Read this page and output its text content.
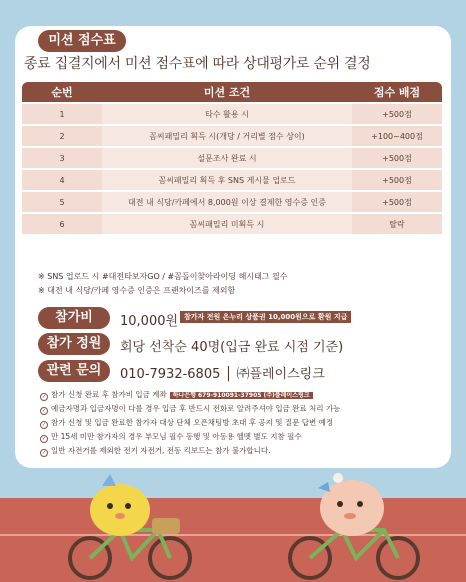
미션 점수표
종료 집결지에서 미션 점수표에 따라 상대평가로 순위 결정
순번	미션 조건	점수 배점
1	타수 활용 시	+500점
2	꼼씨패밀리 획득 시(개당 / 거리별 점수 상이)	+100~400점
3	설문조사 완료 시	+500점
4	꼼씨패밀리 획득 후 SNS 게시물 업로드	+500점
5	대전 내 식당/카페에서 8,000원 이상 결제한 영수증 인증	+500점
6	꼼씨패밀리 미획득 시	탈락
※ SNS 업로드 시 #대전타보자GO / #꼼돌이찾아라이딩 해시태그 필수
※ 대전 내 식당/카페 영수증 인증은 프랜차이즈를 제외함
참가비	10,000원 참가자 전원 온누리 상품권 10,000원으로 환원 지급
참가 정원	회당 선착순 40명(입금 완료 시점 기준)
관련 문의	010-7932-6805 │ ㈜플레이스링크
✓ 참가 신청 완료 후 참가비 입금 계좌 하나은행 679-910091-37905 (주)플레이스링크
✓ 예금자명과 입금자명이 다를 경우 입금 후 반드시 전화로 알려주셔야 입금 완료 처리 가능
✓ 참가 신청 및 입금 완료한 참가자 대상 단체 오픈채팅방 초대 후 공지 및 질문 답변 예정
✓ 만 15세 미만 참가자의 경우 부모님 필수 동행 및 아동용 헬멧 별도 지참 필수
✓ 일반 자전거를 제외한 전기 자전거, 전동 킥보드는 참가 불가합니다.
